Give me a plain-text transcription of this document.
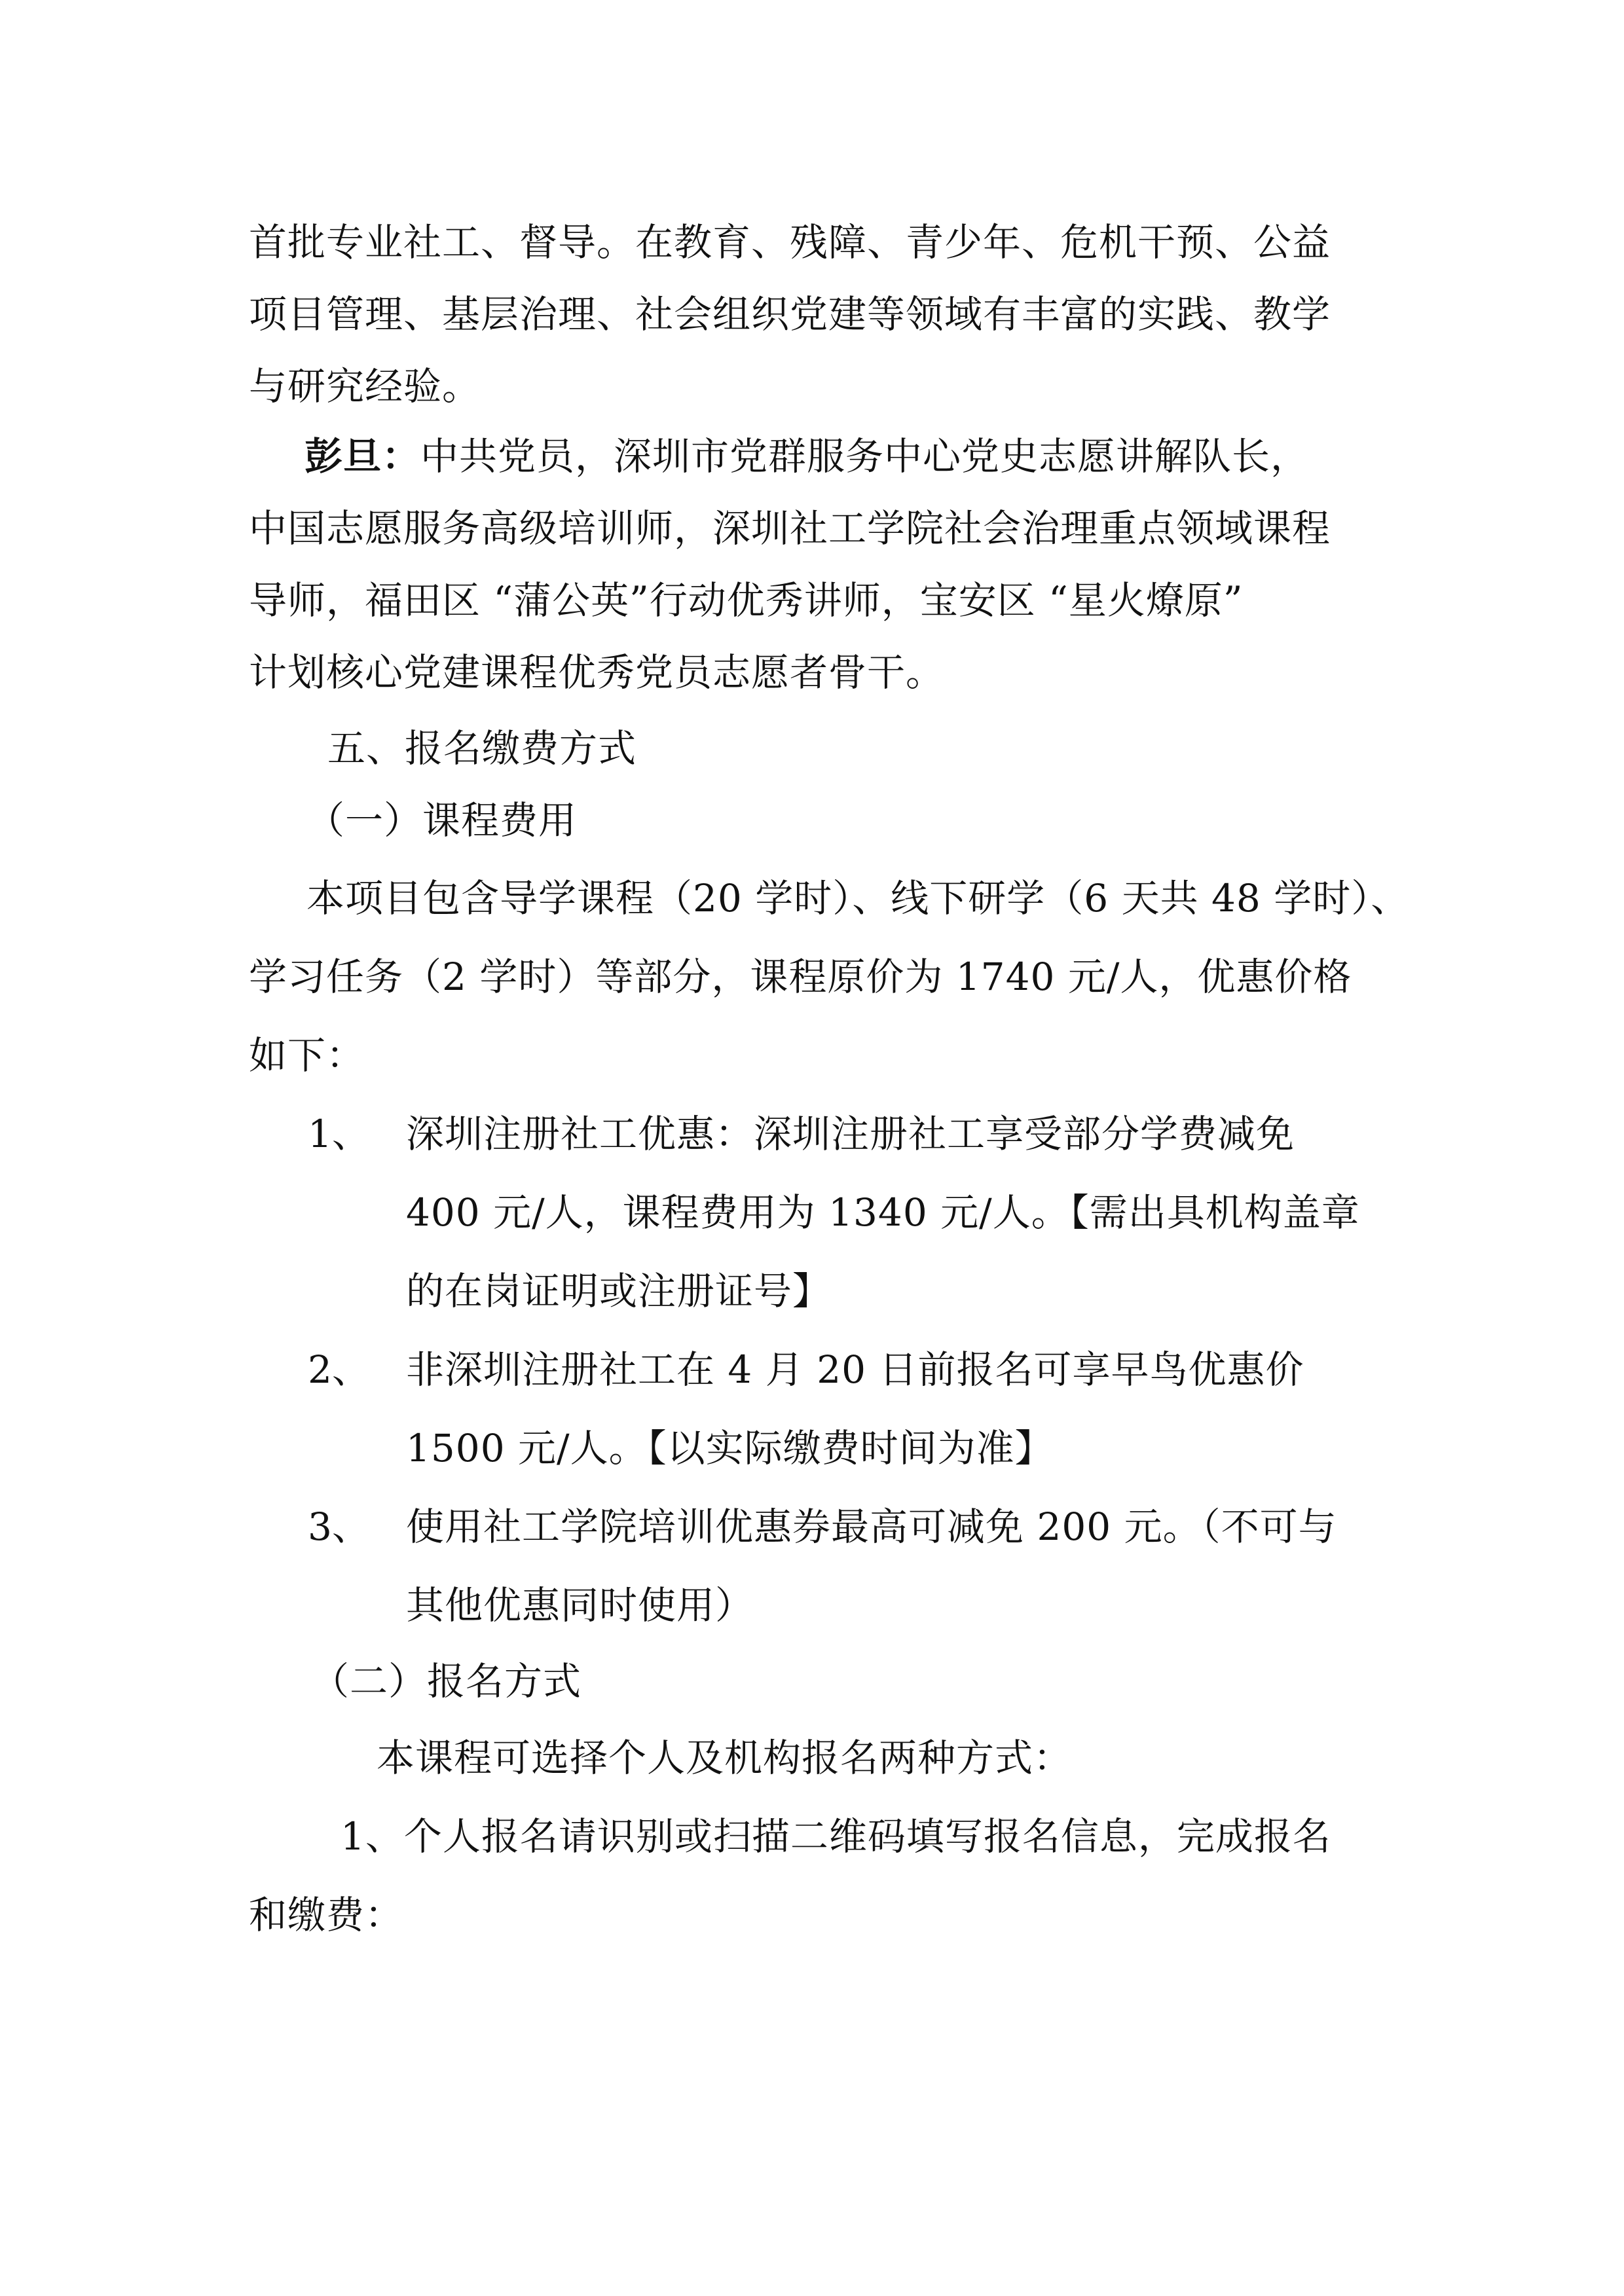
首批专业社工、督导。在教育、残障、青少年、危机干预、公益
项目管理、基层治理、社会组织党建等领域有丰富的实践、教学
与研究经验。
彭旦：中共党员，深圳市党群服务中心党史志愿讲解队长，
中国志愿服务高级培训师，深圳社工学院社会治理重点领域课程
导师，福田区 “蒲公英”行动优秀讲师，宝安区 “星火燎原”
计划核心党建课程优秀党员志愿者骨干。
五、报名缴费方式
（一）课程费用
本项目包含导学课程（20 学时）、线下研学（6 天共 48 学时）、
学习任务（2 学时）等部分，课程原价为 1740 元/人，优惠价格
如下：
1、 深圳注册社工优惠：深圳注册社工享受部分学费减免
400 元/人，课程费用为 1340 元/人。【需出具机构盖章
的在岗证明或注册证号】
2、 非深圳注册社工在 4 月 20 日前报名可享早鸟优惠价
1500 元/人。【以实际缴费时间为准】
3、 使用社工学院培训优惠券最高可减免 200 元。（不可与
其他优惠同时使用）
（二）报名方式
本课程可选择个人及机构报名两种方式：
1、个人报名请识别或扫描二维码填写报名信息，完成报名
和缴费：
